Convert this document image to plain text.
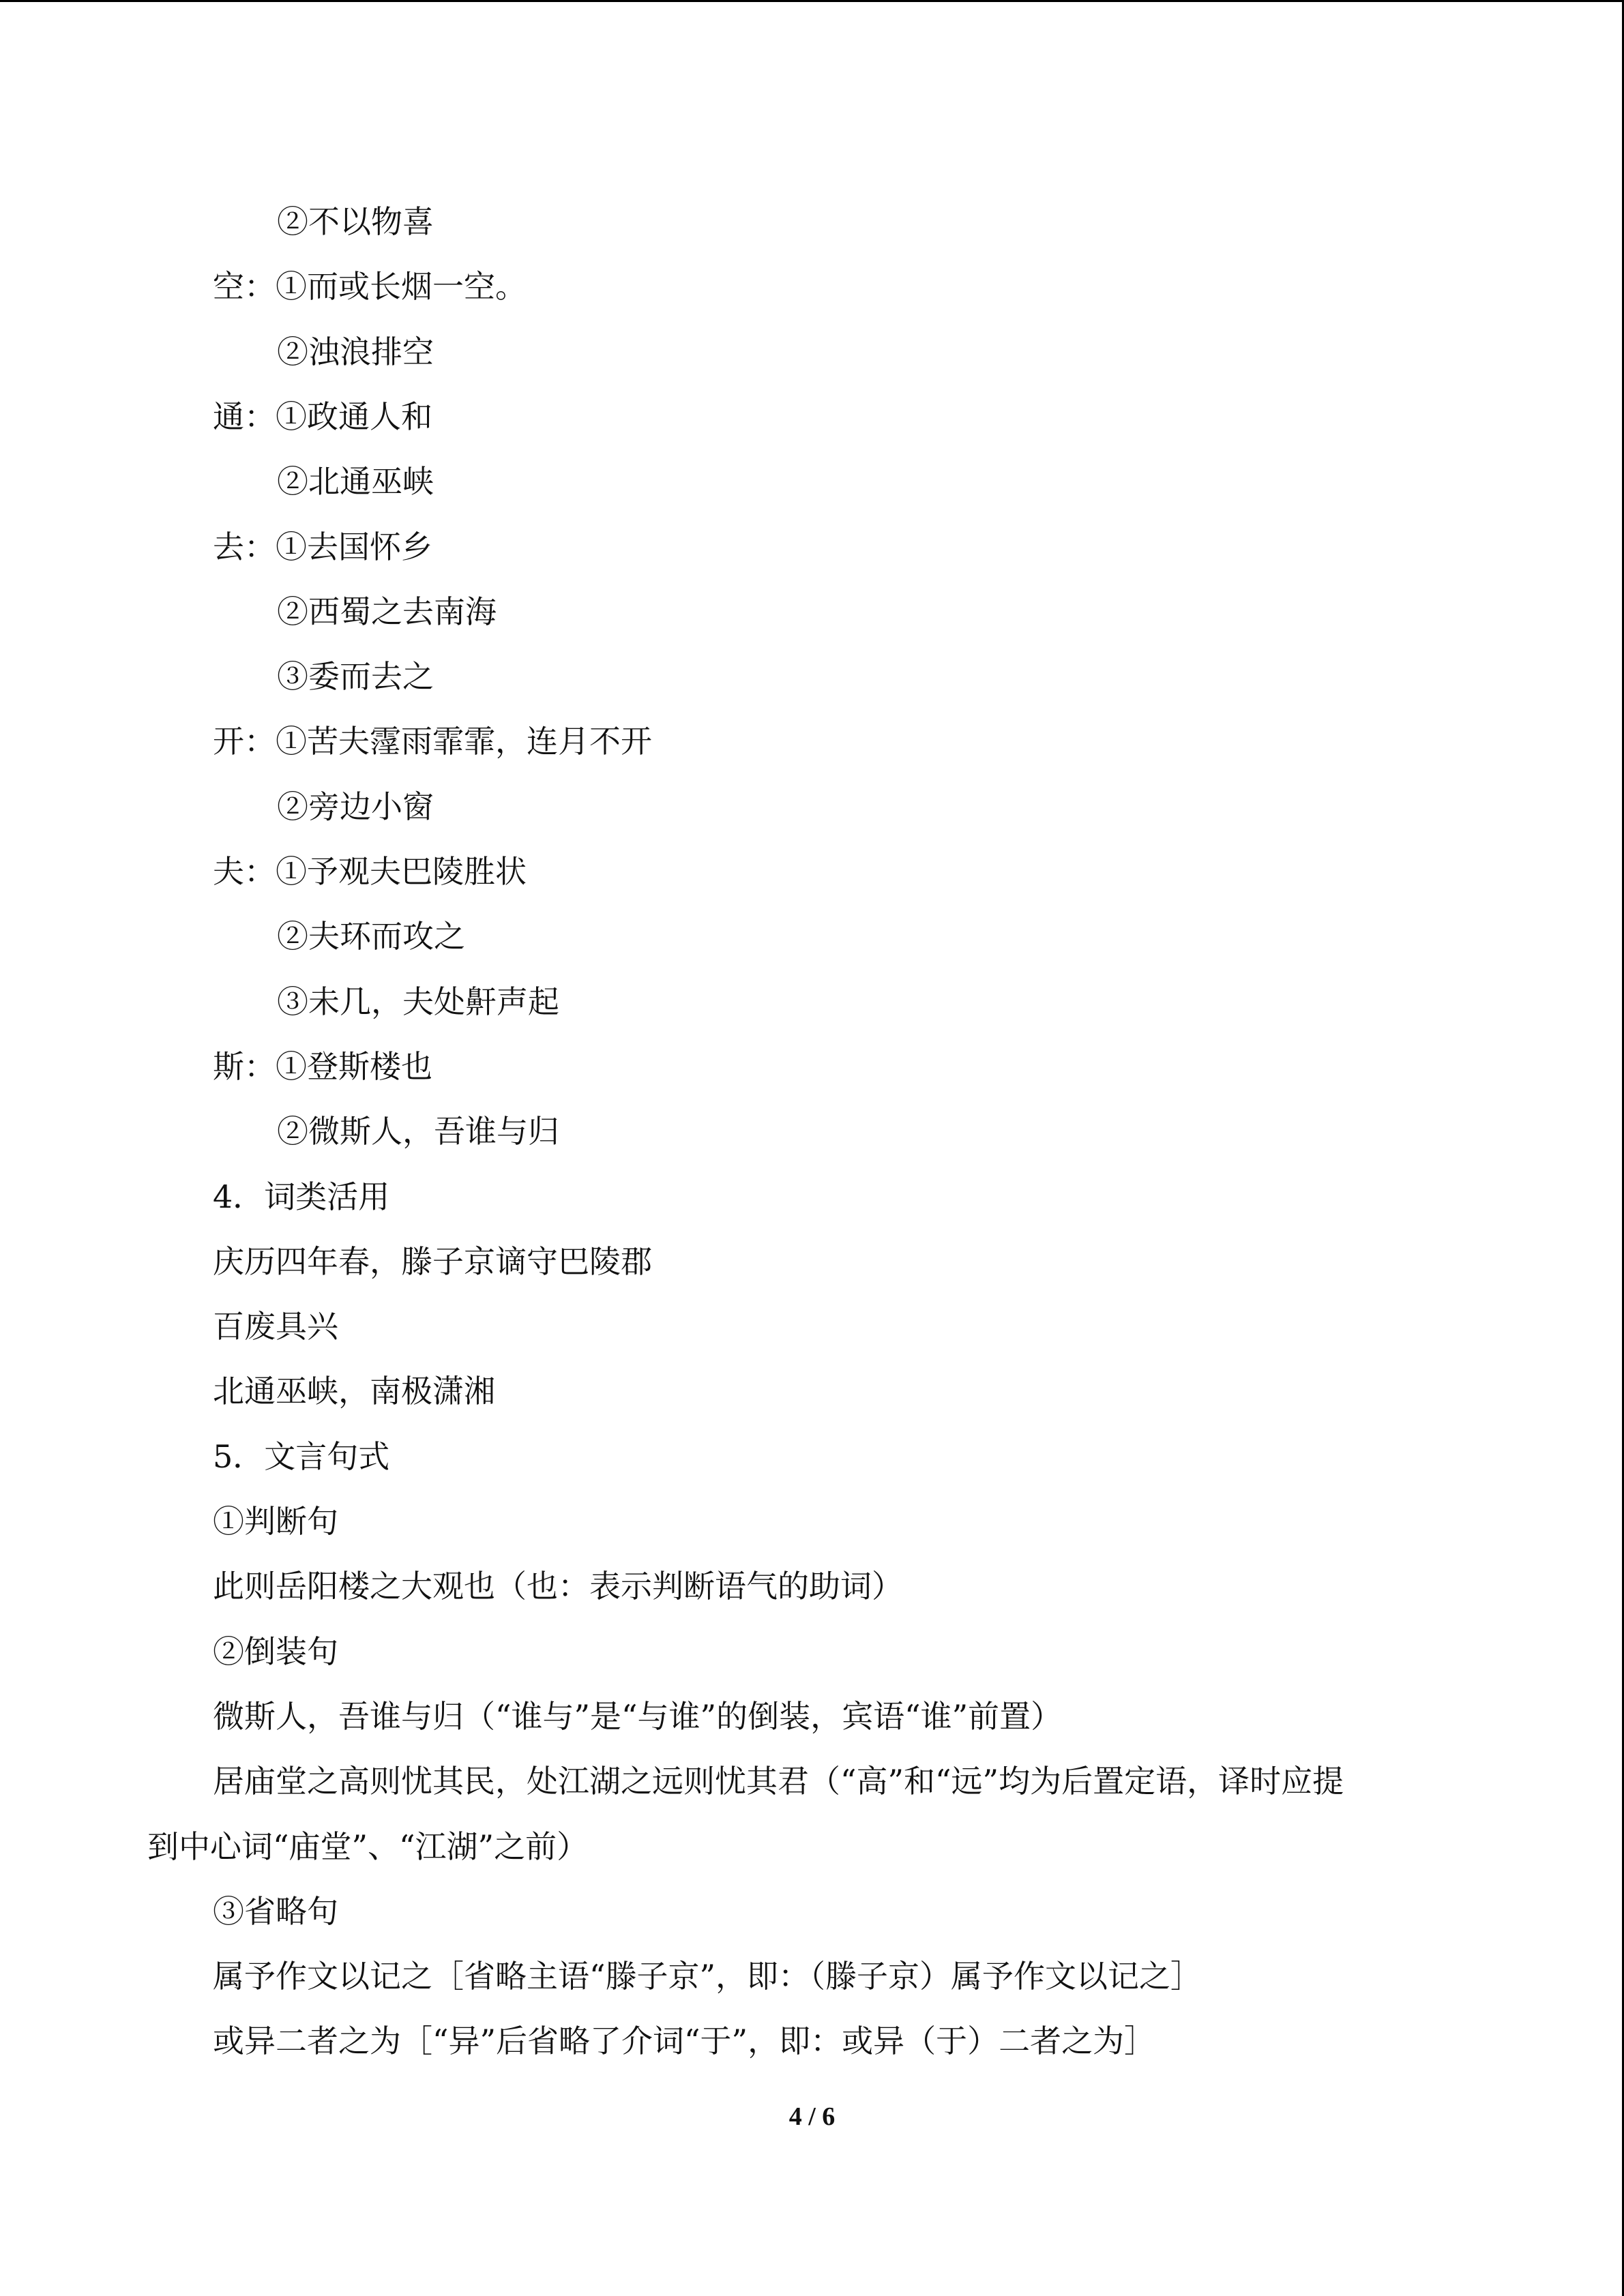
②不以物喜
空：①而或长烟一空。
②浊浪排空
通：①政通人和
②北通巫峡
去：①去国怀乡
②西蜀之去南海
③委而去之
开：①苦夫霪雨霏霏，连月不开
②旁边小窗
夫：①予观夫巴陵胜状
②夫环而攻之
③未几，夫处鼾声起
斯：①登斯楼也
②微斯人，吾谁与归
4．词类活用
庆历四年春，滕子京谪守巴陵郡
百废具兴
北通巫峡，南极潇湘
5．文言句式
①判断句
此则岳阳楼之大观也（也：表示判断语气的助词）
②倒装句
微斯人，吾谁与归（“谁与”是“与谁”的倒装，宾语“谁”前置）
居庙堂之高则忧其民，处江湖之远则忧其君（“高”和“远”均为后置定语，译时应提
到中心词“庙堂”、“江湖”之前）
③省略句
属予作文以记之［省略主语“滕子京”，即：（滕子京）属予作文以记之］
或异二者之为［“异”后省略了介词“于”，即：或异（于）二者之为］
4 / 6
